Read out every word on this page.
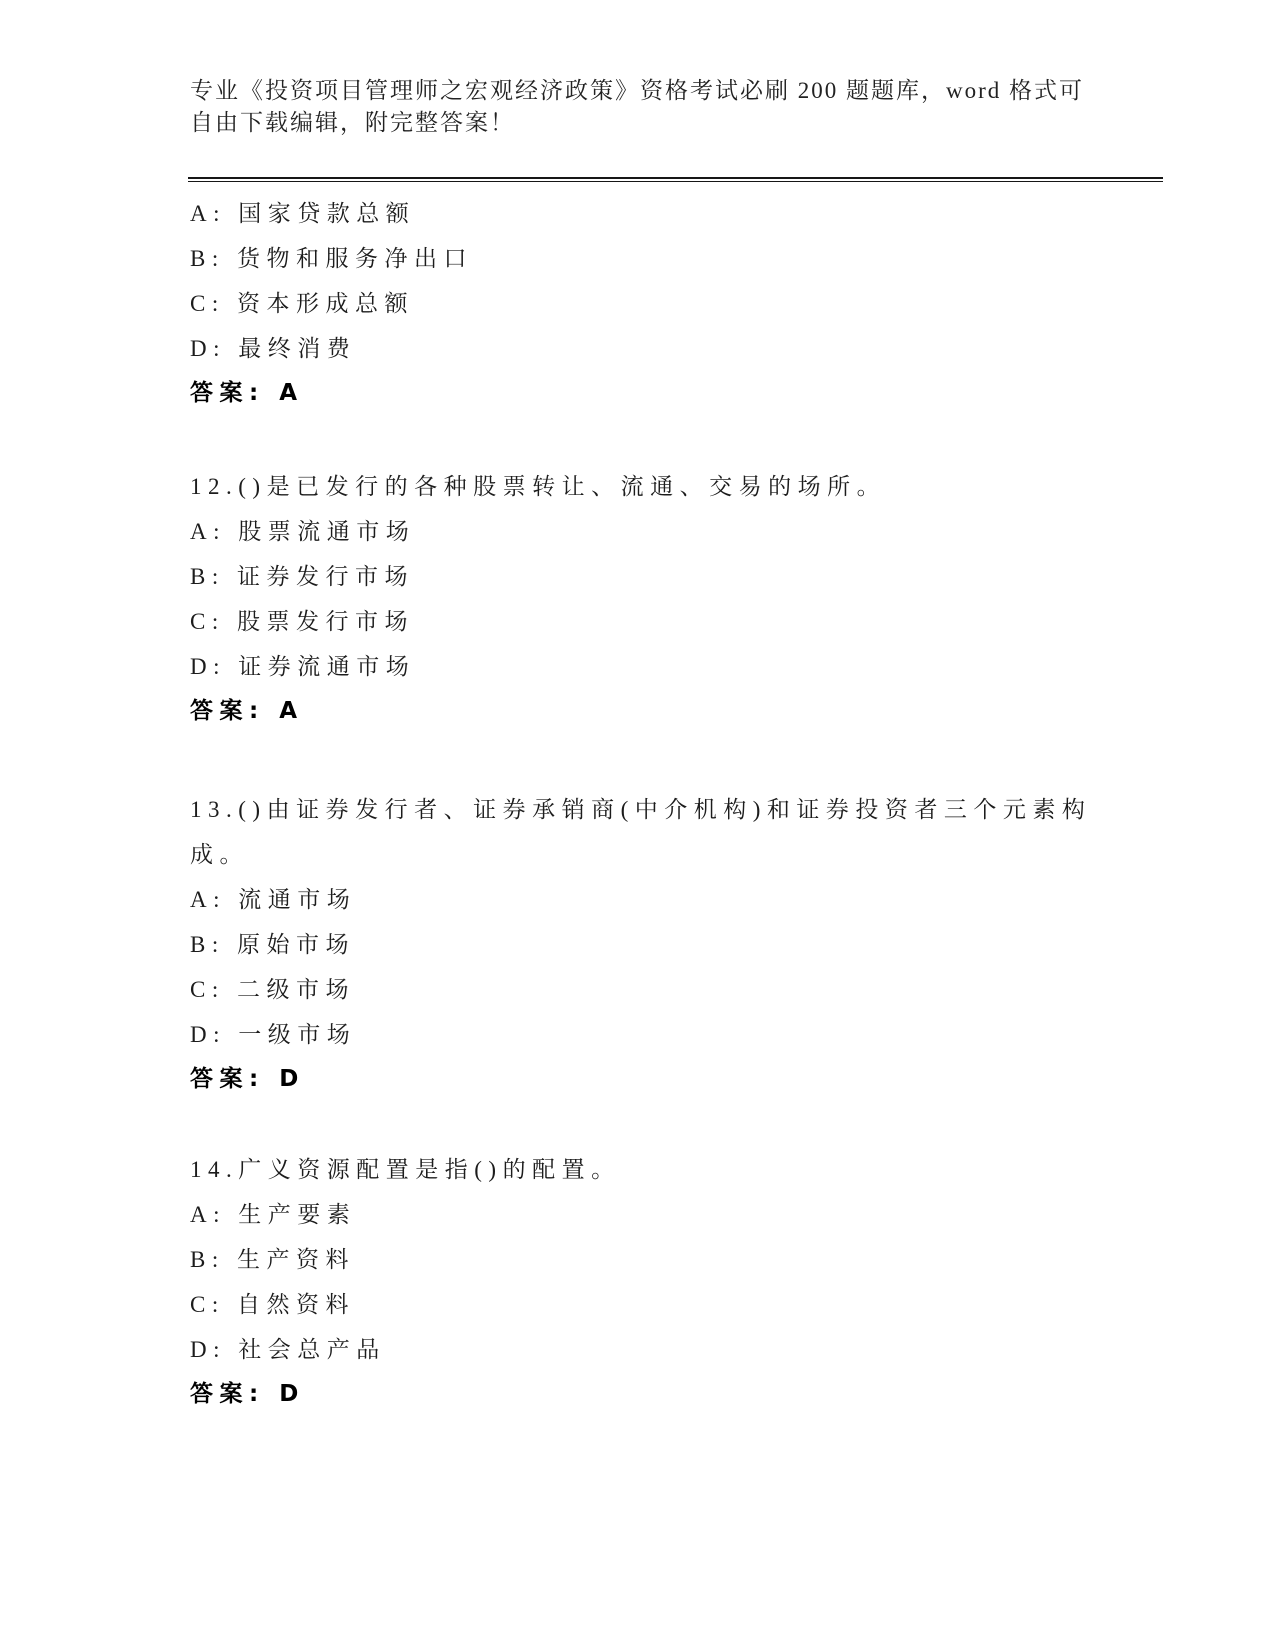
专业《投资项目管理师之宏观经济政策》资格考试必刷 200 题题库，word 格式可
自由下载编辑，附完整答案！
A: 国家贷款总额
B: 货物和服务净出口
C: 资本形成总额
D: 最终消费
答案: A
12.()是已发行的各种股票转让、流通、交易的场所。
A: 股票流通市场
B: 证券发行市场
C: 股票发行市场
D: 证券流通市场
答案: A
13.()由证券发行者、证券承销商(中介机构)和证券投资者三个元素构
成。
A: 流通市场
B: 原始市场
C: 二级市场
D: 一级市场
答案: D
14.广义资源配置是指()的配置。
A: 生产要素
B: 生产资料
C: 自然资料
D: 社会总产品
答案: D
